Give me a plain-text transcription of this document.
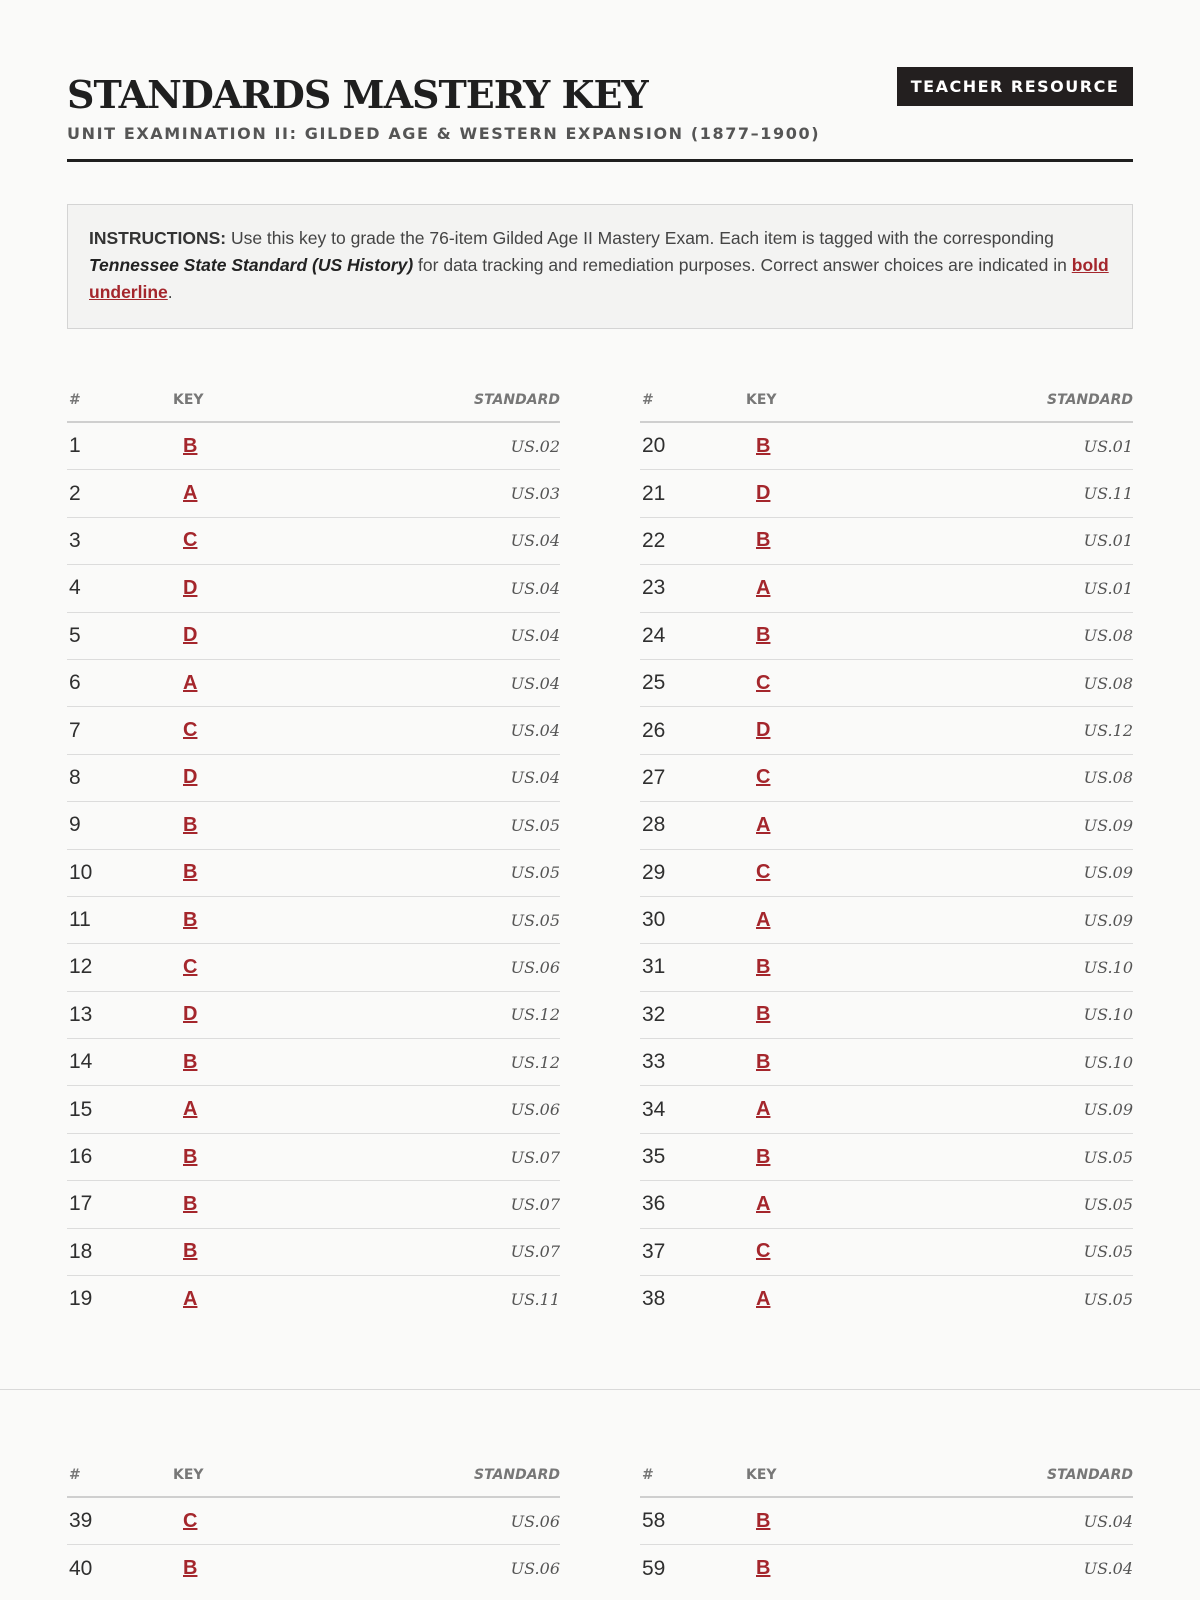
STANDARDS MASTERY KEY
UNIT EXAMINATION II: GILDED AGE & WESTERN EXPANSION (1877–1900)
TEACHER RESOURCE
INSTRUCTIONS: Use this key to grade the 76-item Gilded Age II Mastery Exam. Each item is tagged with the corresponding Tennessee State Standard (US History) for data tracking and remediation purposes. Correct answer choices are indicated in bold underline.
#	KEY	STANDARD
1	B	US.02
2	A	US.03
3	C	US.04
4	D	US.04
5	D	US.04
6	A	US.04
7	C	US.04
8	D	US.04
9	B	US.05
10	B	US.05
11	B	US.05
12	C	US.06
13	D	US.12
14	B	US.12
15	A	US.06
16	B	US.07
17	B	US.07
18	B	US.07
19	A	US.11
#	KEY	STANDARD
20	B	US.01
21	D	US.11
22	B	US.01
23	A	US.01
24	B	US.08
25	C	US.08
26	D	US.12
27	C	US.08
28	A	US.09
29	C	US.09
30	A	US.09
31	B	US.10
32	B	US.10
33	B	US.10
34	A	US.09
35	B	US.05
36	A	US.05
37	C	US.05
38	A	US.05
#	KEY	STANDARD
39	C	US.06
40	B	US.06
#	KEY	STANDARD
58	B	US.04
59	B	US.04
